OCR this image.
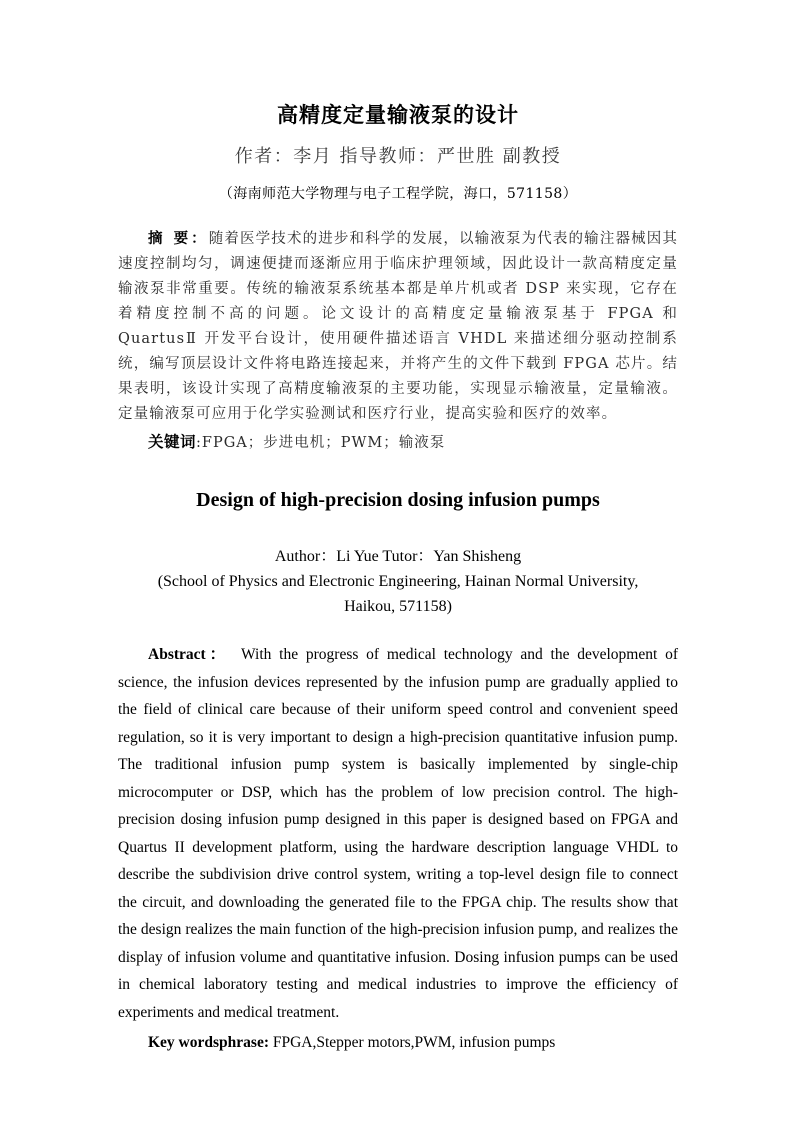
高精度定量输液泵的设计
作者：李月 指导教师：严世胜 副教授
（海南师范大学物理与电子工程学院，海口，571158）
摘 要：随着医学技术的进步和科学的发展，以输液泵为代表的输注器械因其速度控制均匀，调速便捷而逐渐应用于临床护理领域，因此设计一款高精度定量输液泵非常重要。传统的输液泵系统基本都是单片机或者 DSP 来实现，它存在着精度控制不高的问题。论文设计的高精度定量输液泵基于 FPGA 和 QuartusⅡ 开发平台设计，使用硬件描述语言 VHDL 来描述细分驱动控制系统，编写顶层设计文件将电路连接起来，并将产生的文件下载到 FPGA 芯片。结果表明，该设计实现了高精度输液泵的主要功能，实现显示输液量，定量输液。定量输液泵可应用于化学实验测试和医疗行业，提高实验和医疗的效率。
关键词:FPGA；步进电机；PWM；输液泵
Design of high-precision dosing infusion pumps
Author：Li Yue Tutor：Yan Shisheng
(School of Physics and Electronic Engineering, Hainan Normal University,
Haikou, 571158)
Abstract： With the progress of medical technology and the development of science, the infusion devices represented by the infusion pump are gradually applied to the field of clinical care because of their uniform speed control and convenient speed regulation, so it is very important to design a high-precision quantitative infusion pump. The traditional infusion pump system is basically implemented by single-chip microcomputer or DSP, which has the problem of low precision control. The high-precision dosing infusion pump designed in this paper is designed based on FPGA and Quartus II development platform, using the hardware description language VHDL to describe the subdivision drive control system, writing a top-level design file to connect the circuit, and downloading the generated file to the FPGA chip. The results show that the design realizes the main function of the high-precision infusion pump, and realizes the display of infusion volume and quantitative infusion. Dosing infusion pumps can be used in chemical laboratory testing and medical industries to improve the efficiency of experiments and medical treatment.
Key wordsphrase: FPGA,Stepper motors,PWM, infusion pumps
